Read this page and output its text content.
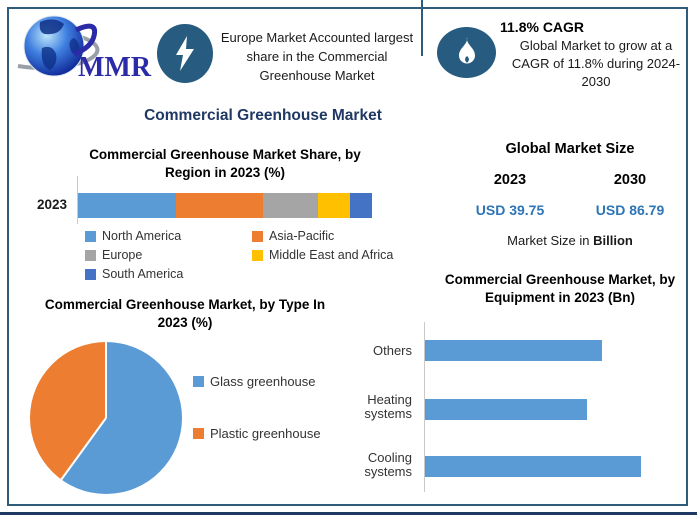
MMR
Europe Market Accounted largest share in the Commercial Greenhouse Market
11.8% CAGR
Global Market to grow at a CAGR of 11.8% during 2024-2030
Commercial Greenhouse Market
Commercial Greenhouse Market Share, by Region in 2023 (%)
2023
North America	Asia-Pacific
Europe	Middle East and Africa
South America
Commercial Greenhouse Market, by Type In 2023 (%)
Glass greenhouse
Plastic greenhouse
Global Market Size
2023	2030
USD 39.75	USD 86.79
Market Size in Billion
Commercial Greenhouse Market, by Equipment in 2023 (Bn)
Others
Heating systems
Cooling systems
